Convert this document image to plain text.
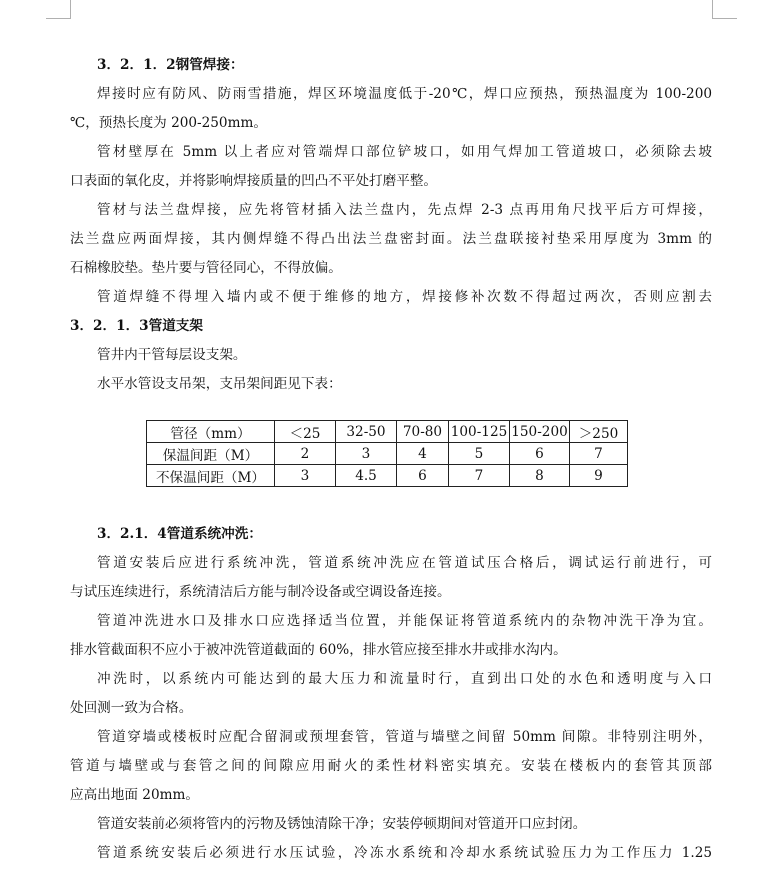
3．2．1．2钢管焊接：
焊接时应有防风、防雨雪措施，焊区环境温度低于-20℃，焊口应预热，预热温度为 100-200
℃，预热长度为 200-250mm。
管材壁厚在 5mm 以上者应对管端焊口部位铲坡口，如用气焊加工管道坡口，必须除去坡
口表面的氧化皮，并将影响焊接质量的凹凸不平处打磨平整。
管材与法兰盘焊接，应先将管材插入法兰盘内，先点焊 2-3 点再用角尺找平后方可焊接，
法兰盘应两面焊接，其内侧焊缝不得凸出法兰盘密封面。法兰盘联接衬垫采用厚度为 3mm 的
石棉橡胶垫。垫片要与管径同心，不得放偏。
管道焊缝不得埋入墙内或不便于维修的地方，焊接修补次数不得超过两次，否则应割去
3．2．1．3管道支架
管井内干管每层设支架。
水平水管设支吊架，支吊架间距见下表：
管径（mm）	＜25	32-50	70-80	100-125	150-200	＞250
保温间距（M）	2	3	4	5	6	7
不保温间距（M）	3	4.5	6	7	8	9
3．2.1．4管道系统冲洗：
管道安装后应进行系统冲洗，管道系统冲洗应在管道试压合格后，调试运行前进行，可
与试压连续进行，系统清洁后方能与制冷设备或空调设备连接。
管道冲洗进水口及排水口应选择适当位置，并能保证将管道系统内的杂物冲洗干净为宜。
排水管截面积不应小于被冲洗管道截面的 60%，排水管应接至排水井或排水沟内。
冲洗时，以系统内可能达到的最大压力和流量时行，直到出口处的水色和透明度与入口
处回测一致为合格。
管道穿墙或楼板时应配合留洞或预埋套管，管道与墙壁之间留 50mm 间隙。非特别注明外，
管道与墙壁或与套管之间的间隙应用耐火的柔性材料密实填充。安装在楼板内的套管其顶部
应高出地面 20mm。
管道安装前必须将管内的污物及锈蚀清除干净；安装停顿期间对管道开口应封闭。
管道系统安装后必须进行水压试验，冷冻水系统和冷却水系统试验压力为工作压力 1.25
